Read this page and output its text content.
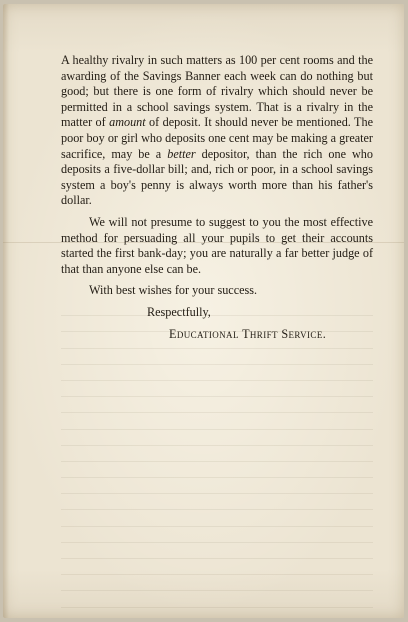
A healthy rivalry in such matters as 100 per cent rooms and the awarding of the Savings Banner each week can do nothing but good; but there is one form of rivalry which should never be permitted in a school savings system. That is a rivalry in the matter of amount of deposit. It should never be mentioned. The poor boy or girl who deposits one cent may be making a greater sacrifice, may be a better depositor, than the rich one who deposits a five-dollar bill; and, rich or poor, in a school savings system a boy's penny is always worth more than his father's dollar.

We will not presume to suggest to you the most effective method for persuading all your pupils to get their accounts started the first bank-day; you are naturally a far better judge of that than anyone else can be.

With best wishes for your success.

Respectfully,

Educational Thrift Service.
